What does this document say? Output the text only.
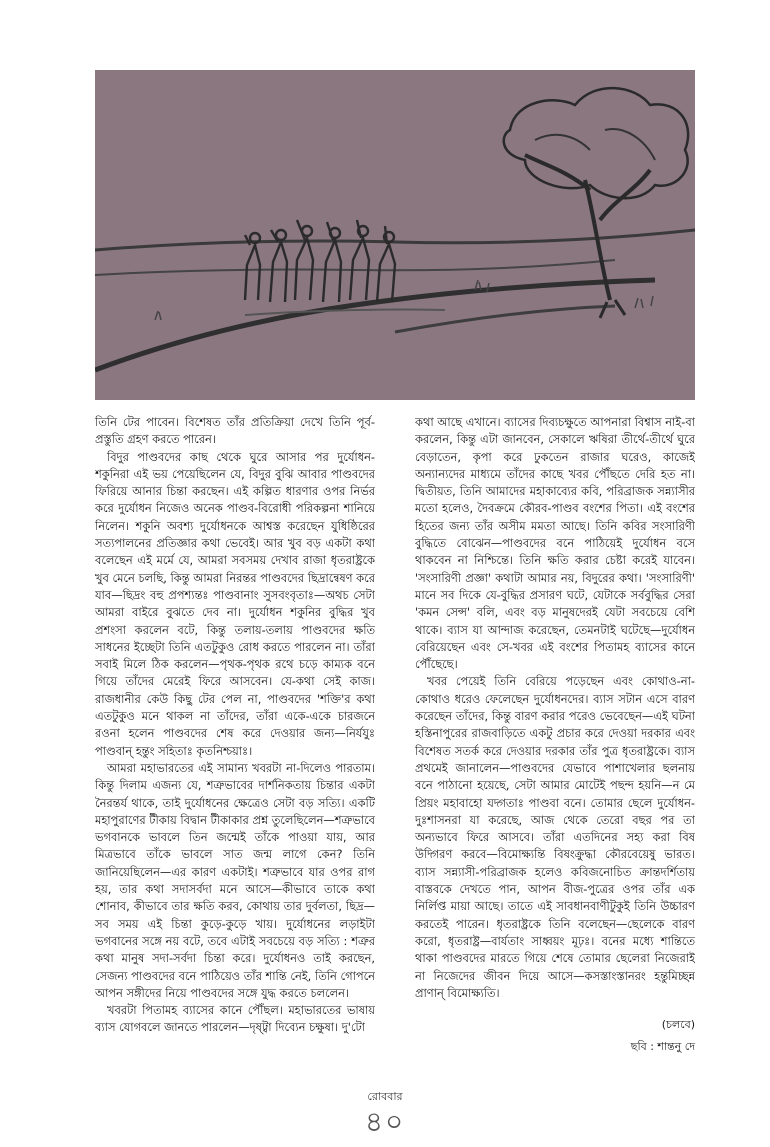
তিনি টের পাবেন। বিশেষত তাঁর প্রতিক্রিয়া দেখে তিনি পূর্ব-প্রস্তুতি গ্রহণ করতে পারেন।

বিদুর পাণ্ডবদের কাছ থেকে ঘুরে আসার পর দুর্যোধন-শকুনিরা এই ভয় পেয়েছিলেন যে, বিদুর বুঝি আবার পাণ্ডবদের ফিরিয়ে আনার চিন্তা করছেন। এই কল্পিত ধারণার ওপর নির্ভর করে দুর্যোধন নিজেও অনেক পাণ্ডব-বিরোধী পরিকল্পনা শানিয়ে নিলেন। শকুনি অবশ্য দুর্যোধনকে আশ্বস্ত করেছেন যুধিষ্ঠিরের সত্যপালনের প্রতিজ্ঞার কথা ভেবেই। আর খুব বড় একটা কথা বলেছেন এই মর্মে যে, আমরা সবসময় দেখাব রাজা ধৃতরাষ্ট্রকে খুব মেনে চলছি, কিন্তু আমরা নিরন্তর পাণ্ডবদের ছিদ্রান্বেষণ করে যাব—ছিদ্রং বহু প্রপশ্যন্তঃ পাণ্ডবানাং সুসবংবৃতাঃ—অথচ সেটা আমরা বাইরে বুঝতে দেব না। দুর্যোধন শকুনির বুদ্ধির খুব প্রশংসা করলেন বটে, কিন্তু তলায়-তলায় পাণ্ডবদের ক্ষতি সাধনের ইচ্ছেটা তিনি এতটুকুও রোধ করতে পারলেন না। তাঁরা সবাই মিলে ঠিক করলেন—পৃথক-পৃথক রথে চড়ে কাম্যক বনে গিয়ে তাঁদের মেরেই ফিরে আসবেন। যে-কথা সেই কাজ। রাজধানীর কেউ কিছু টের পেল না, পাণ্ডবদের 'শক্তি'র কথা এতটুকুও মনে থাকল না তাঁদের, তাঁরা একে-একে চারজনে রওনা হলেন পাণ্ডবদের শেষ করে দেওয়ার জন্য—নির্যযুঃ পাণ্ডবান্ হন্তুং সহিতাঃ কৃতনিশ্চয়াঃ।

আমরা মহাভারতের এই সামান্য খবরটা না-দিলেও পারতাম। কিন্তু দিলাম এজন্য যে, শত্রুভাবের দার্শনিকতায় চিন্তার একটা নৈরন্তর্য থাকে, তাই দুর্যোধনের ক্ষেত্রেও সেটা বড় সত্যি। একটি মহাপুরাণের টীকায় বিদ্বান টীকাকার প্রশ্ন তুলেছিলেন—শত্রুভাবে ভগবানকে ভাবলে তিন জন্মেই তাঁকে পাওয়া যায়, আর মিত্রভাবে তাঁকে ভাবলে সাত জন্ম লাগে কেন? তিনি জানিয়েছিলেন—এর কারণ একটাই। শত্রুভাবে যার ওপর রাগ হয়, তার কথা সদাসর্বদা মনে আসে—কীভাবে তাকে কথা শোনাব, কীভাবে তার ক্ষতি করব, কোথায় তার দুর্বলতা, ছিদ্র—সব সময় এই চিন্তা কুড়ে-কুড়ে খায়। দুর্যোধনের লড়াইটা ভগবানের সঙ্গে নয় বটে, তবে এটাই সবচেয়ে বড় সত্যি : শত্রুর কথা মানুষ সদা-সর্বদা চিন্তা করে। দুর্যোধনও তাই করছেন, সেজন্য পাণ্ডবদের বনে পাঠিয়েও তাঁর শান্তি নেই, তিনি গোপনে আপন সঙ্গীদের নিয়ে পাণ্ডবদের সঙ্গে যুদ্ধ করতে চললেন।

খবরটা পিতামহ ব্যাসের কানে পৌঁছল। মহাভারতের ভাষায় ব্যাস যোগবলে জানতে পারলেন—দৃষ্ট্বা দিব্যেন চক্ষুষা। দু'টো

কথা আছে এখানে। ব্যাসের দিব্যচক্ষুতে আপনারা বিশ্বাস নাই-বা করলেন, কিন্তু এটা জানবেন, সেকালে ঋষিরা তীর্থে-তীর্থে ঘুরে বেড়াতেন, কৃপা করে ঢুকতেন রাজার ঘরেও, কাজেই অন্যান্যদের মাধ্যমে তাঁদের কাছে খবর পৌঁছতে দেরি হত না। দ্বিতীয়ত, তিনি আমাদের মহাকাব্যের কবি, পরিব্রাজক সন্ন্যাসীর মতো হলেও, দৈবক্রমে কৌরব-পাণ্ডব বংশের পিতা। এই বংশের হিতের জন্য তাঁর অসীম মমতা আছে। তিনি কবির সংসারিণী বুদ্ধিতে বোঝেন—পাণ্ডবদের বনে পাঠিয়েই দুর্যোধন বসে থাকবেন না নিশ্চিন্তে। তিনি ক্ষতি করার চেষ্টা করেই যাবেন। 'সংসারিণী প্রজ্ঞা' কথাটা আমার নয়, বিদুরের কথা। 'সংসারিণী' মানে সব দিকে যে-বুদ্ধির প্রসারণ ঘটে, যেটাকে সর্ববুদ্ধির সেরা 'কমন সেন্স' বলি, এবং বড় মানুষদেরই যেটা সবচেয়ে বেশি থাকে। ব্যাস যা আন্দাজ করেছেন, তেমনটাই ঘটেছে—দুর্যোধন বেরিয়েছেন এবং সে-খবর এই বংশের পিতামহ ব্যাসের কানে পৌঁছেছে।

খবর পেয়েই তিনি বেরিয়ে পড়েছেন এবং কোথাও-না-কোথাও ধরেও ফেলেছেন দুর্যোধনদের। ব্যাস সটান এসে বারণ করেছেন তাঁদের, কিন্তু বারণ করার পরেও ভেবেছেন—এই ঘটনা হস্তিনাপুরের রাজবাড়িতে একটু প্রচার করে দেওয়া দরকার এবং বিশেষত সতর্ক করে দেওয়ার দরকার তাঁর পুত্র ধৃতরাষ্ট্রকে। ব্যাস প্রথমেই জানালেন—পাণ্ডবদের যেভাবে পাশাখেলার ছলনায় বনে পাঠানো হয়েছে, সেটা আমার মোটেই পছন্দ হয়নি—ন মে প্রিয়ং মহাবাহো যদ্গতাঃ পাণ্ডবা বনে। তোমার ছেলে দুর্যোধন-দুঃশাসনরা যা করেছে, আজ থেকে তেরো বছর পর তা অন্যভাবে ফিরে আসবে। তাঁরা এতদিনের সহ্য করা বিষ উদ্গিরণ করবে—বিমোক্ষ্যন্তি বিষংক্রুদ্ধা কৌরবেয়েষু ভারত। ব্যাস সন্ন্যাসী-পরিব্রাজক হলেও কবিজনোচিত ক্রান্তদর্শিতায় বাস্তবকে দেখতে পান, আপন বীজ-পুত্রের ওপর তাঁর এক নির্লিপ্ত মায়া আছে। তাতে এই সাবধানবাণীটুকুই তিনি উচ্চারণ করতেই পারেন। ধৃতরাষ্ট্রকে তিনি বলেছেন—ছেলেকে বারণ করো, ধৃতরাষ্ট্র—বার্যতাং সাধ্বয়ং মূঢ়ঃ। বনের মধ্যে শান্তিতে থাকা পাণ্ডবদের মারতে গিয়ে শেষে তোমার ছেলেরা নিজেরাই না নিজেদের জীবন দিয়ে আসে—কসস্তাংস্তানরং হন্তুমিচ্ছন্ন প্রাণান্ বিমোক্ষ্যতি।

(চলবে)
ছবি : শান্তনু দে
রোববার
৪০
